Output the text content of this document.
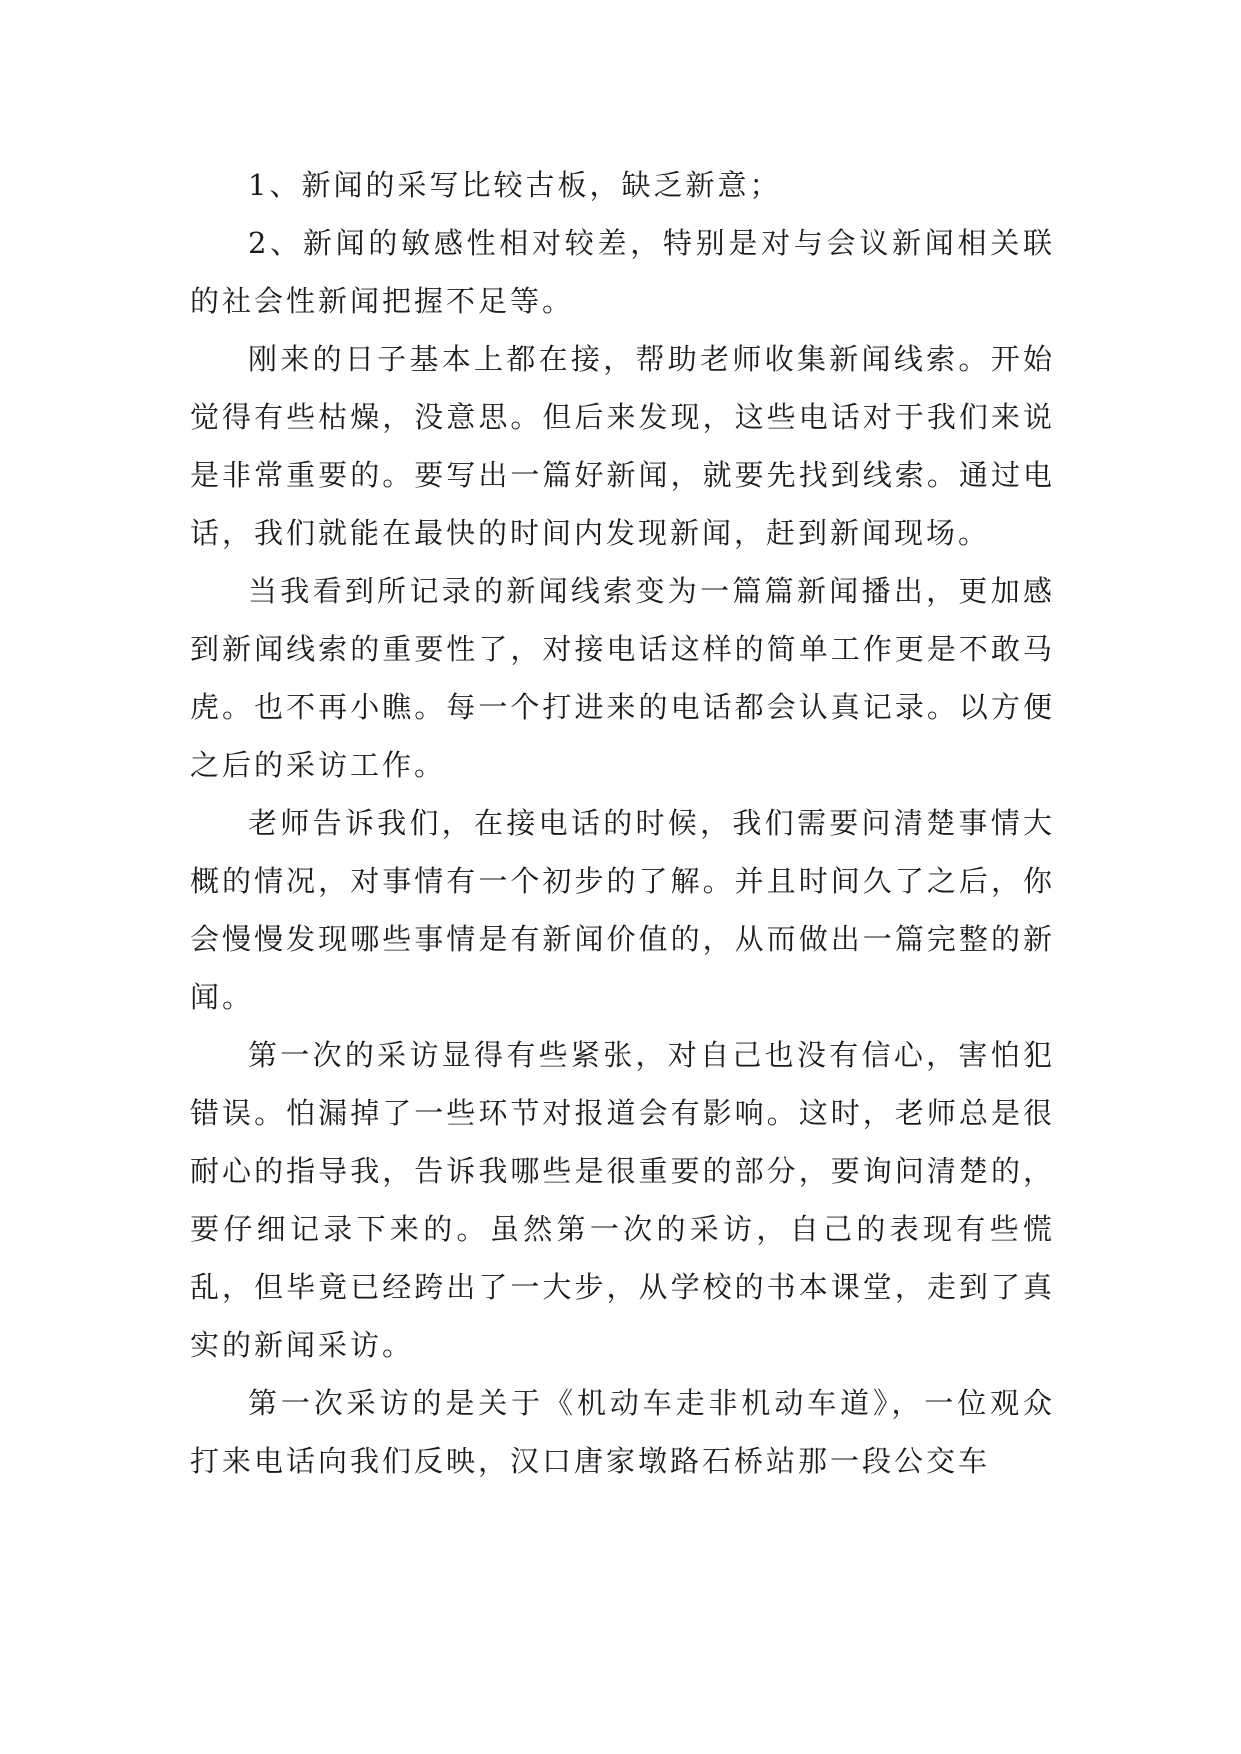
1、新闻的采写比较古板，缺乏新意；

2、新闻的敏感性相对较差，特别是对与会议新闻相关联的社会性新闻把握不足等。

刚来的日子基本上都在接，帮助老师收集新闻线索。开始觉得有些枯燥，没意思。但后来发现，这些电话对于我们来说是非常重要的。要写出一篇好新闻，就要先找到线索。通过电话，我们就能在最快的时间内发现新闻，赶到新闻现场。

当我看到所记录的新闻线索变为一篇篇新闻播出，更加感到新闻线索的重要性了，对接电话这样的简单工作更是不敢马虎。也不再小瞧。每一个打进来的电话都会认真记录。以方便之后的采访工作。

老师告诉我们，在接电话的时候，我们需要问清楚事情大概的情况，对事情有一个初步的了解。并且时间久了之后，你会慢慢发现哪些事情是有新闻价值的，从而做出一篇完整的新闻。

第一次的采访显得有些紧张，对自己也没有信心，害怕犯错误。怕漏掉了一些环节对报道会有影响。这时，老师总是很耐心的指导我，告诉我哪些是很重要的部分，要询问清楚的，要仔细记录下来的。虽然第一次的采访，自己的表现有些慌乱，但毕竟已经跨出了一大步，从学校的书本课堂，走到了真实的新闻采访。

第一次采访的是关于《机动车走非机动车道》，一位观众打来电话向我们反映，汉口唐家墩路石桥站那一段公交车
